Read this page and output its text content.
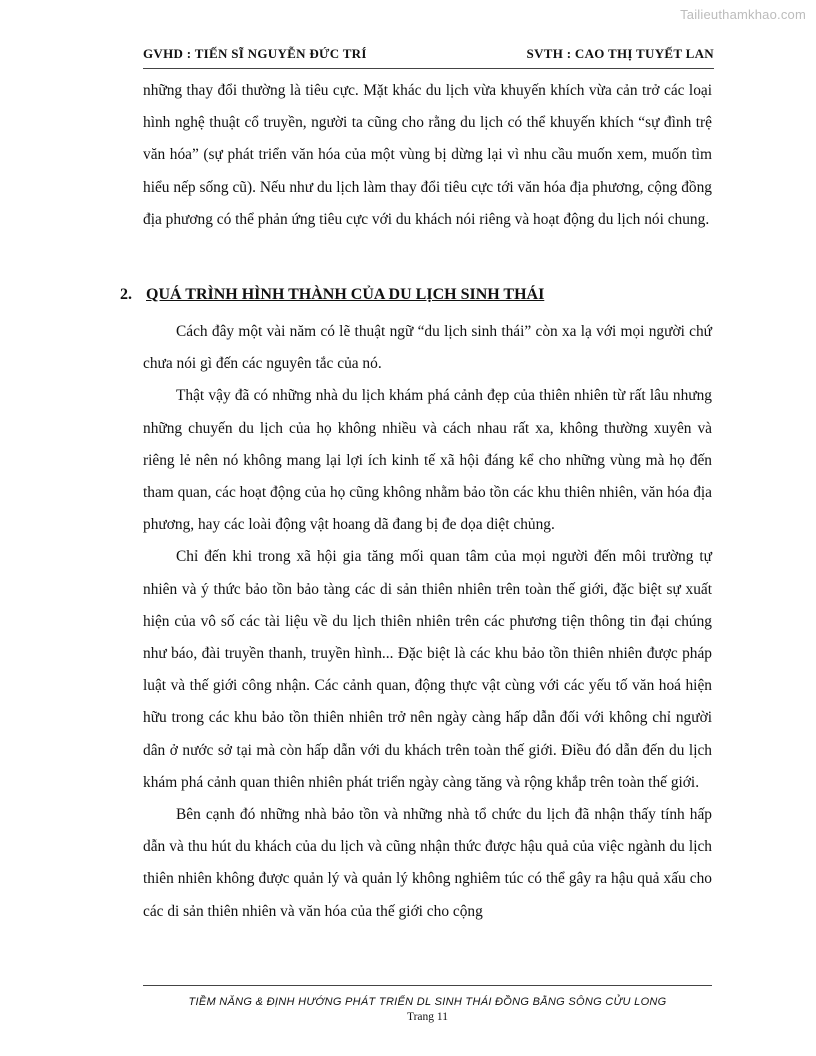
Tailieuthamkhao.com
GVHD : TIẾN SĨ NGUYỄN ĐỨC TRÍ	SVTH : CAO THỊ TUYẾT LAN

những thay đổi thường là tiêu cực. Mặt khác du lịch vừa khuyến khích vừa cản trở các loại hình nghệ thuật cổ truyền, người ta cũng cho rằng du lịch có thể khuyến khích “sự đình trệ văn hóa” (sự phát triển văn hóa của một vùng bị dừng lại vì nhu cầu muốn xem, muốn tìm hiểu nếp sống cũ). Nếu như du lịch làm thay đổi tiêu cực tới văn hóa địa phương, cộng đồng địa phương có thể phản ứng tiêu cực với du khách nói riêng và hoạt động du lịch nói chung.

2. QUÁ TRÌNH HÌNH THÀNH CỦA DU LỊCH SINH THÁI

Cách đây một vài năm có lẽ thuật ngữ “du lịch sinh thái” còn xa lạ với mọi người chứ chưa nói gì đến các nguyên tắc của nó.

Thật vậy đã có những nhà du lịch khám phá cảnh đẹp của thiên nhiên từ rất lâu nhưng những chuyến du lịch của họ không nhiều và cách nhau rất xa, không thường xuyên và riêng lẻ nên nó không mang lại lợi ích kinh tế xã hội đáng kể cho những vùng mà họ đến tham quan, các hoạt động của họ cũng không nhằm bảo tồn các khu thiên nhiên, văn hóa địa phương, hay các loài động vật hoang dã đang bị đe dọa diệt chủng.

Chỉ đến khi trong xã hội gia tăng mối quan tâm của mọi người đến môi trường tự nhiên và ý thức bảo tồn bảo tàng các di sản thiên nhiên trên toàn thế giới, đặc biệt sự xuất hiện của vô số các tài liệu về du lịch thiên nhiên trên các phương tiện thông tin đại chúng như báo, đài truyền thanh, truyền hình... Đặc biệt là các khu bảo tồn thiên nhiên được pháp luật và thế giới công nhận. Các cảnh quan, động thực vật cùng với các yếu tố văn hoá hiện hữu trong các khu bảo tồn thiên nhiên trở nên ngày càng hấp dẫn đối với không chỉ người dân ở nước sở tại mà còn hấp dẫn với du khách trên toàn thế giới. Điều đó dẫn đến du lịch khám phá cảnh quan thiên nhiên phát triển ngày càng tăng và rộng khắp trên toàn thế giới.

Bên cạnh đó những nhà bảo tồn và những nhà tổ chức du lịch đã nhận thấy tính hấp dẫn và thu hút du khách của du lịch và cũng nhận thức được hậu quả của việc ngành du lịch thiên nhiên không được quản lý và quản lý không nghiêm túc có thể gây ra hậu quả xấu cho các di sản thiên nhiên và văn hóa của thế giới cho cộng

TIỀM NĂNG & ĐỊNH HƯỚNG PHÁT TRIỂN DL SINH THÁI ĐỒNG BẰNG SÔNG CỬU LONG
Trang 11
